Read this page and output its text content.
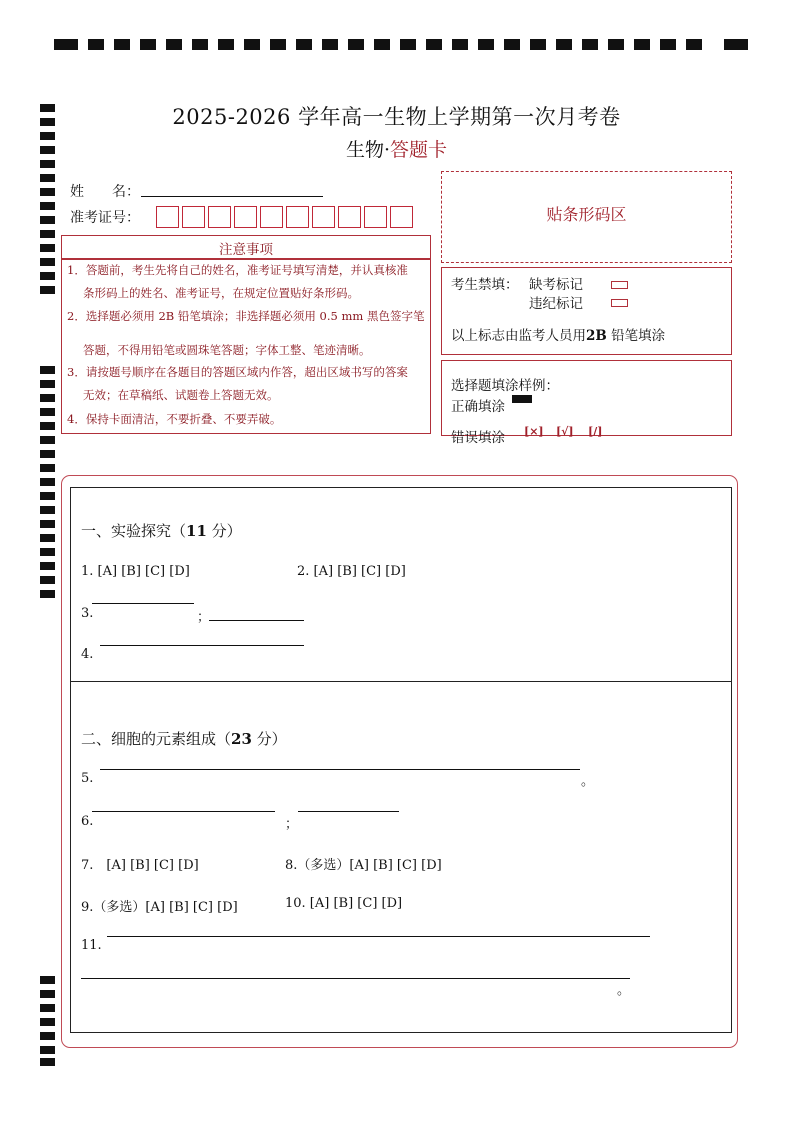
2025-2026 学年高一生物上学期第一次月考卷
生物·答题卡
姓　　名：
准考证号：	贴条形码区
注意事项
1．答题前，考生先将自己的姓名，准考证号填写清楚，并认真核准
条形码上的姓名、准考证号，在规定位置贴好条形码。
2．选择题必须用 2B 铅笔填涂；非选择题必须用 0.5 mm 黑色签字笔
答题，不得用铅笔或圆珠笔答题；字体工整、笔迹清晰。
3．请按题号顺序在各题目的答题区域内作答，超出区域书写的答案
无效；在草稿纸、试题卷上答题无效。
4．保持卡面清洁，不要折叠、不要弄破。
考生禁填： 缺考标记
违纪标记
以上标志由监考人员用2B 铅笔填涂
选择题填涂样例：
正确填涂
错误填涂 [×] [√] [∕]
一、实验探究（11 分）
1. [A] [B] [C] [D]	2. [A] [B] [C] [D]
3.	；
4.
二、细胞的元素组成（23 分）
5.	。
6.	；
7.　[A] [B] [C] [D]	8.（多选）[A] [B] [C] [D]
9.（多选）[A] [B] [C] [D]	10. [A] [B] [C] [D]
11.
。
